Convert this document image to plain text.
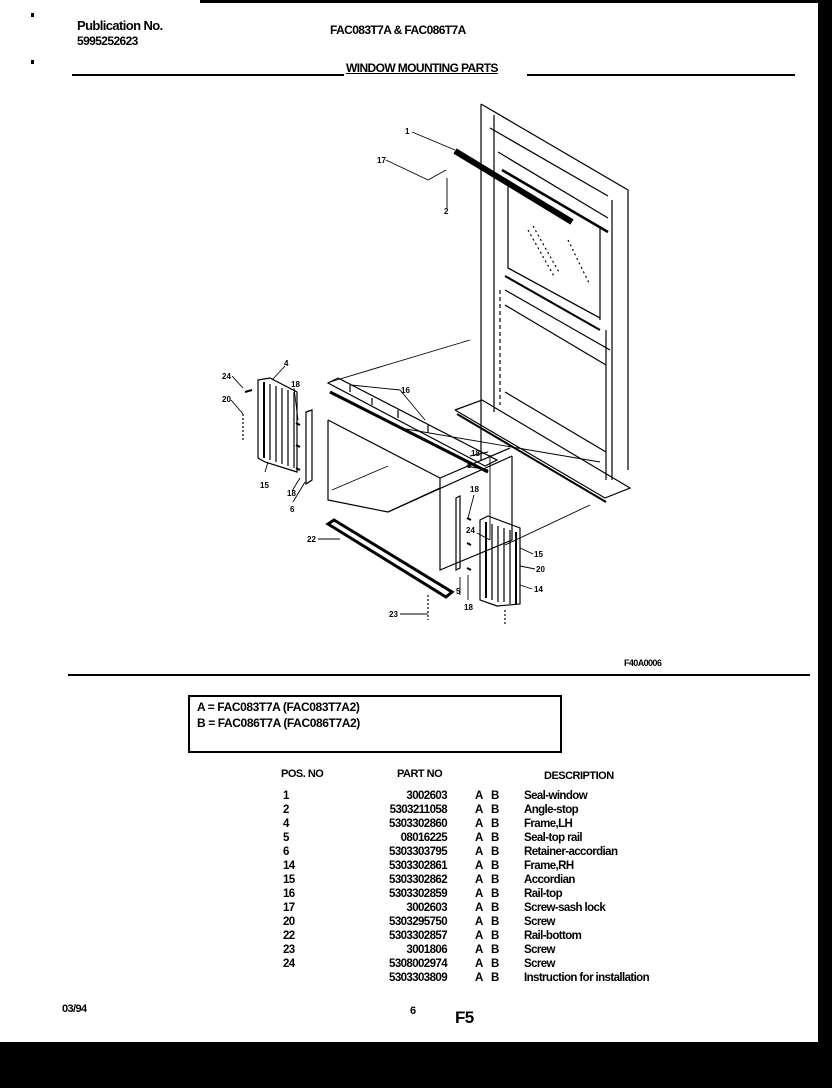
Publication No.
5995252623
FAC083T7A & FAC086T7A
WINDOW MOUNTING PARTS
1
17
2
24
4
20
18
16
15
18
6
18
5
18
24
15
20
14
22
5
18
23
F40A0006
A = FAC083T7A (FAC083T7A2)
B = FAC086T7A (FAC086T7A2)
POS. NO	PART NO	DESCRIPTION
1	3002603 A B Seal-window
2	5303211058 A B Angle-stop
4	5303302860 A B Frame,LH
5	08016225 A B Seal-top rail
6	5303303795 A B Retainer-accordian
14	5303302861 A B Frame,RH
15	5303302862 A B Accordian
16	5303302859 A B Rail-top
17	3002603 A B Screw-sash lock
20	5303295750 A B Screw
22	5303302857 A B Rail-bottom
23	3001806 A B Screw
24	5308002974 A B Screw
5303303809 A B Instruction for installation
03/94	6 F5
